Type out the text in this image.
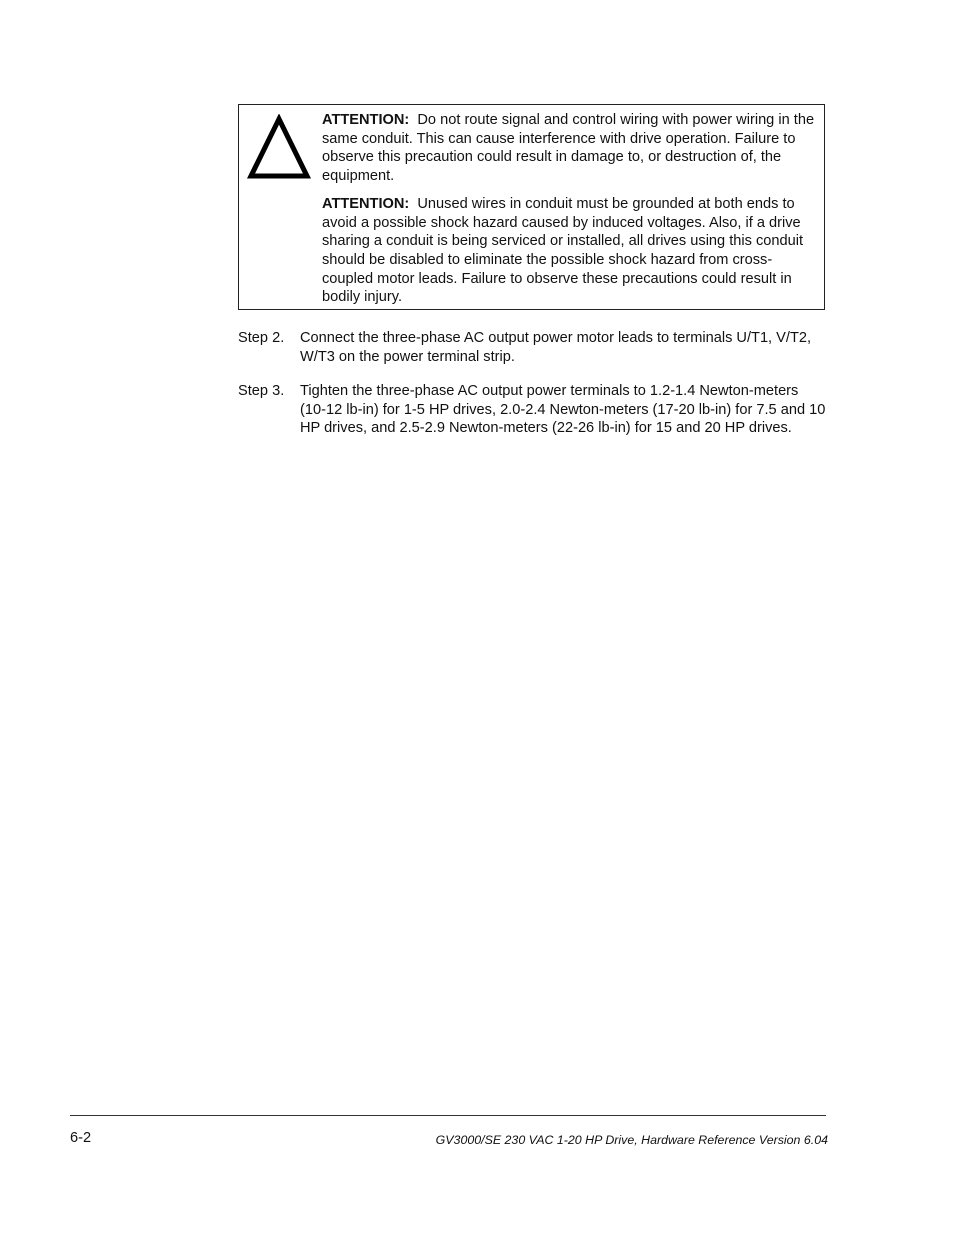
ATTENTION: Do not route signal and control wiring with power wiring in the same conduit. This can cause interference with drive operation. Failure to observe this precaution could result in damage to, or destruction of, the equipment.

ATTENTION: Unused wires in conduit must be grounded at both ends to avoid a possible shock hazard caused by induced voltages. Also, if a drive sharing a conduit is being serviced or installed, all drives using this conduit should be disabled to eliminate the possible shock hazard from cross-coupled motor leads. Failure to observe these precautions could result in bodily injury.

Step 2.	Connect the three-phase AC output power motor leads to terminals U/T1, V/T2, W/T3 on the power terminal strip.
Step 3.	Tighten the three-phase AC output power terminals to 1.2-1.4 Newton-meters (10-12 lb-in) for 1-5 HP drives, 2.0-2.4 Newton-meters (17-20 lb-in) for 7.5 and 10 HP drives, and 2.5-2.9 Newton-meters (22-26 lb-in) for 15 and 20 HP drives.
6-2	GV3000/SE 230 VAC 1-20 HP Drive, Hardware Reference Version 6.04
